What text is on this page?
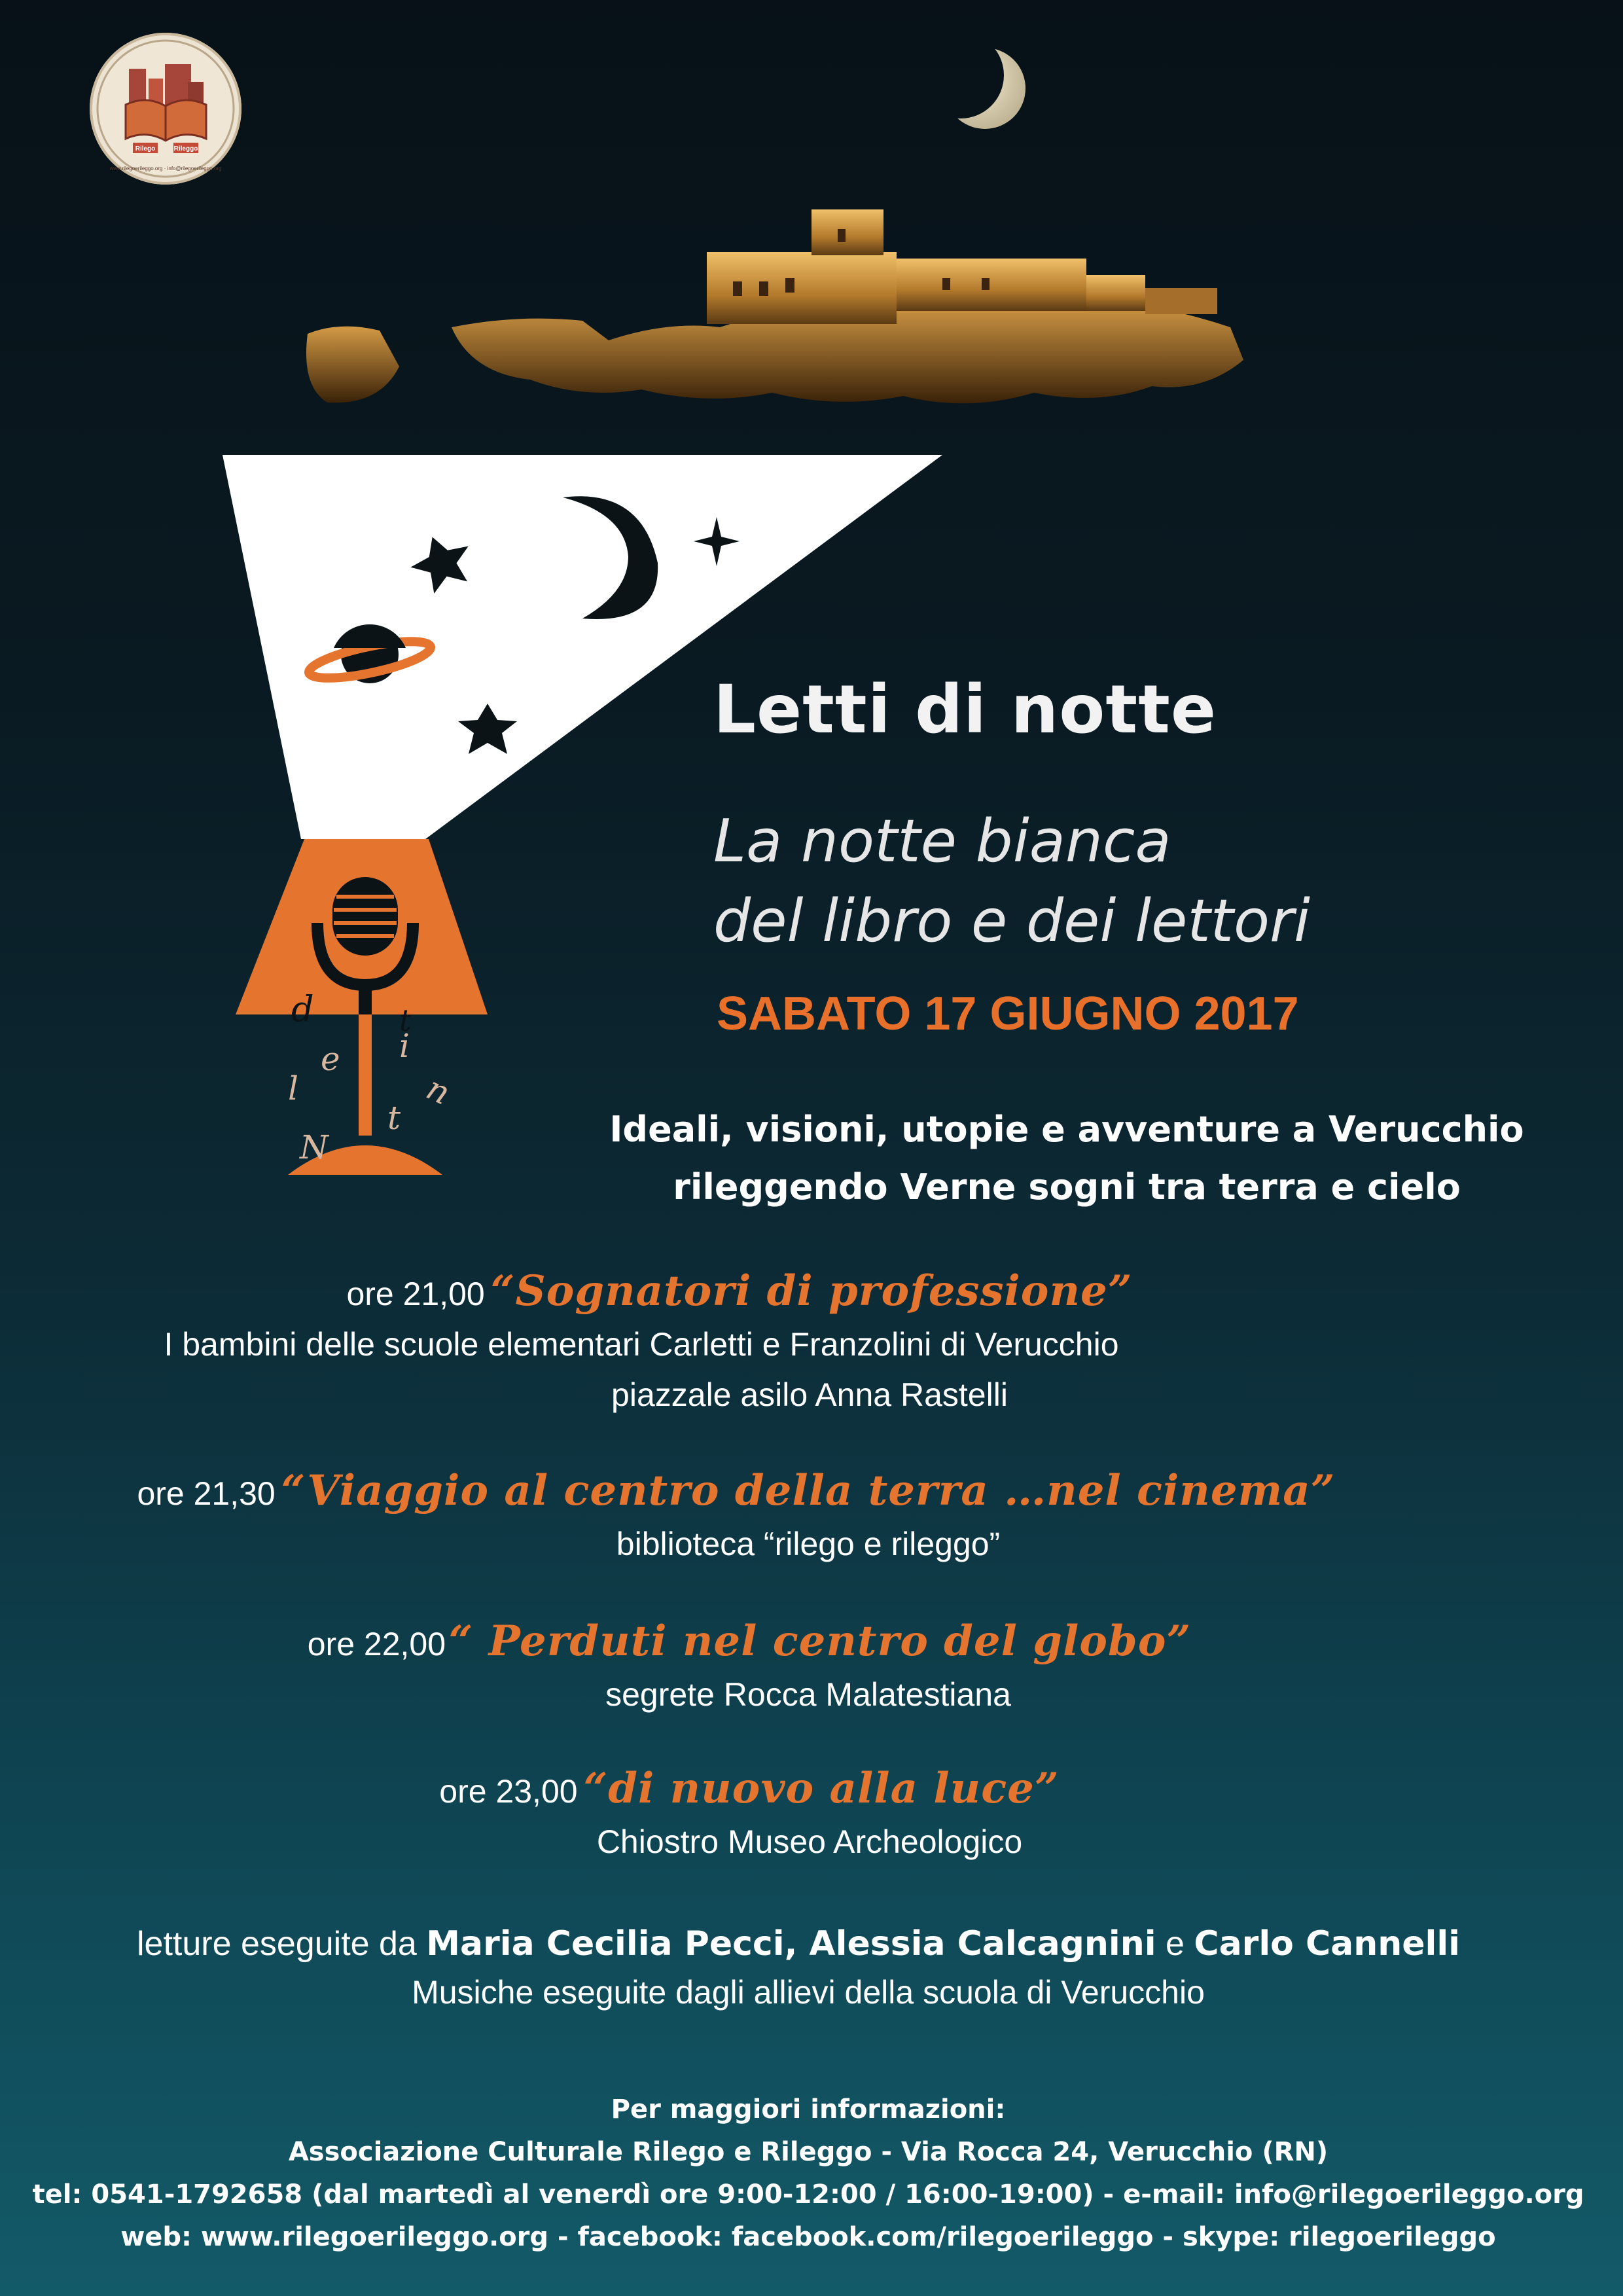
Rilego	Rileggo
www.rilegoerileggo.org · info@rilegoerileggo.org
d
e i
l
t
n
N
t
Letti di notte
La notte bianca
del libro e dei lettori
SABATO 17 GIUGNO 2017
Ideali, visioni, utopie e avventure a Verucchio
rileggendo Verne sogni tra terra e cielo
ore 21,00 “Sognatori di professione”
I bambini delle scuole elementari Carletti e Franzolini di Verucchio
piazzale asilo Anna Rastelli
ore 21,30 “Viaggio al centro della terra …nel cinema”
biblioteca “rilego e rileggo”
ore 22,00 “ Perduti nel centro del globo”
segrete Rocca Malatestiana
ore 23,00 “di nuovo alla luce”
Chiostro Museo Archeologico
letture eseguite da Maria Cecilia Pecci, Alessia Calcagnini e Carlo Cannelli
Musiche eseguite dagli allievi della scuola di Verucchio
Per maggiori informazioni:
Associazione Culturale Rilego e Rileggo - Via Rocca 24, Verucchio (RN)
tel: 0541-1792658 (dal martedì al venerdì ore 9:00-12:00 / 16:00-19:00) - e-mail: info@rilegoerileggo.org
web: www.rilegoerileggo.org - facebook: facebook.com/rilegoerileggo - skype: rilegoerileggo
